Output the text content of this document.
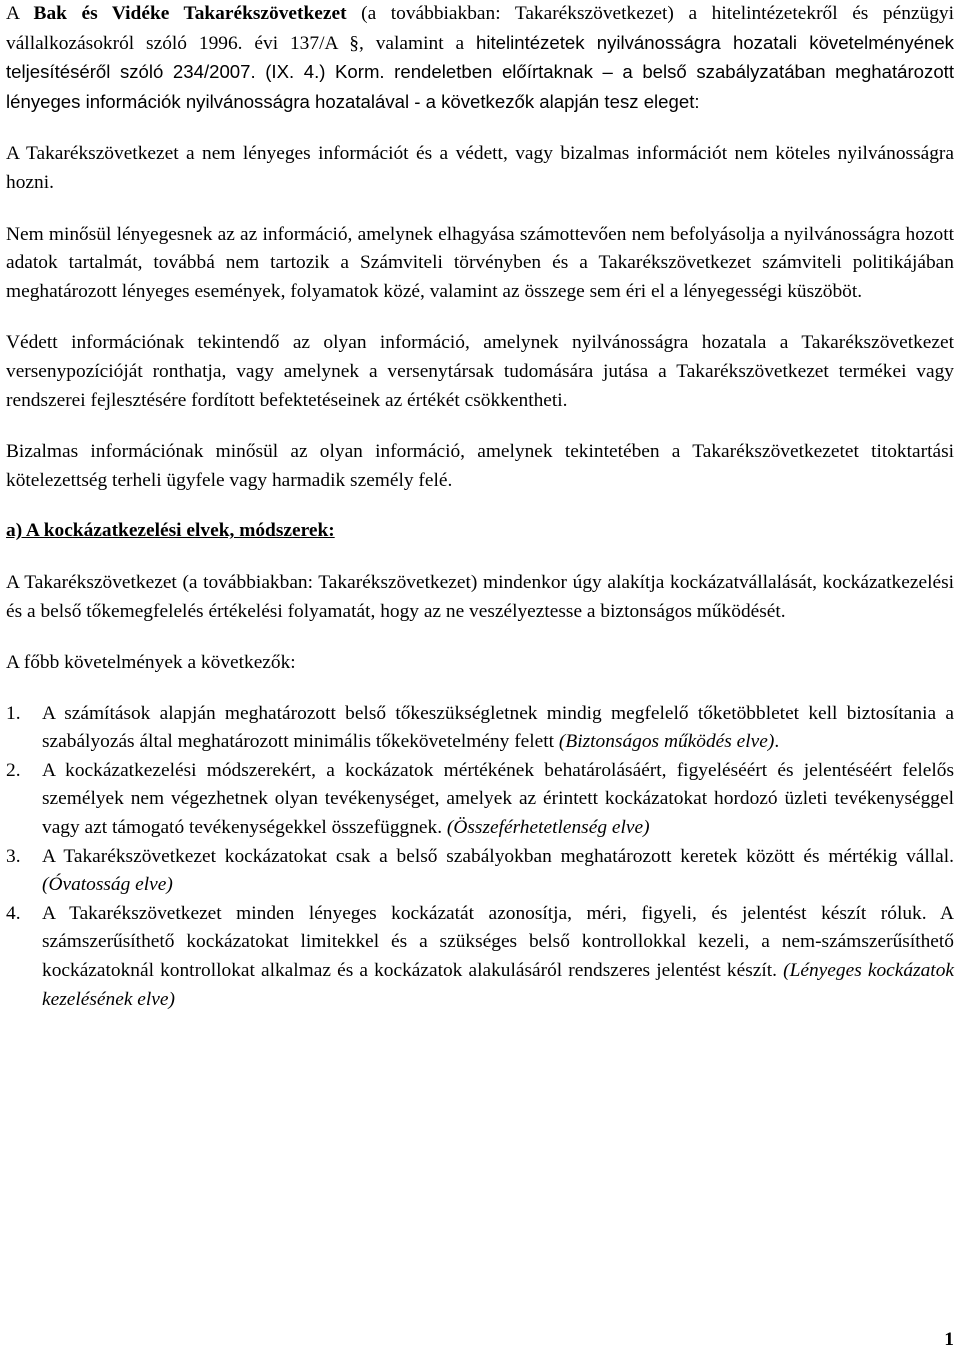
A Bak és Vidéke Takarékszövetkezet (a továbbiakban: Takarékszövetkezet) a hitelintézetekről és pénzügyi vállalkozásokról szóló 1996. évi 137/A §, valamint a hitelintézetek nyilvánosságra hozatali követelményének teljesítéséről szóló 234/2007. (IX. 4.) Korm. rendeletben előírtaknak – a belső szabályzatában meghatározott lényeges információk nyilvánosságra hozatalával - a következők alapján tesz eleget:

A Takarékszövetkezet a nem lényeges információt és a védett, vagy bizalmas információt nem köteles nyilvánosságra hozni.

Nem minősül lényegesnek az az információ, amelynek elhagyása számottevően nem befolyásolja a nyilvánosságra hozott adatok tartalmát, továbbá nem tartozik a Számviteli törvényben és a Takarékszövetkezet számviteli politikájában meghatározott lényeges események, folyamatok közé, valamint az összege sem éri el a lényegességi küszöböt.

Védett információnak tekintendő az olyan információ, amelynek nyilvánosságra hozatala a Takarékszövetkezet versenypozícióját ronthatja, vagy amelynek a versenytársak tudomására jutása a Takarékszövetkezet termékei vagy rendszerei fejlesztésére fordított befektetéseinek az értékét csökkentheti.

Bizalmas információnak minősül az olyan információ, amelynek tekintetében a Takarékszövetkezetet titoktartási kötelezettség terheli ügyfele vagy harmadik személy felé.

a) A kockázatkezelési elvek, módszerek:

A Takarékszövetkezet (a továbbiakban: Takarékszövetkezet) mindenkor úgy alakítja kockázatvállalását, kockázatkezelési és a belső tőkemegfelelés értékelési folyamatát, hogy az ne veszélyeztesse a biztonságos működését.

A főbb követelmények a következők:

1.	A számítások alapján meghatározott belső tőkeszükségletnek mindig megfelelő tőketöbbletet kell biztosítania a szabályozás által meghatározott minimális tőkekövetelmény felett (Biztonságos működés elve).
2.	A kockázatkezelési módszerekért, a kockázatok mértékének behatárolásáért, figyeléséért és jelentéséért felelős személyek nem végezhetnek olyan tevékenységet, amelyek az érintett kockázatokat hordozó üzleti tevékenységgel vagy azt támogató tevékenységekkel összefüggnek. (Összeférhetetlenség elve)
3.	A Takarékszövetkezet kockázatokat csak a belső szabályokban meghatározott keretek között és mértékig vállal. (Óvatosság elve)
4.	A Takarékszövetkezet minden lényeges kockázatát azonosítja, méri, figyeli, és jelentést készít róluk. A számszerűsíthető kockázatokat limitekkel és a szükséges belső kontrollokkal kezeli, a nem-számszerűsíthető kockázatoknál kontrollokat alkalmaz és a kockázatok alakulásáról rendszeres jelentést készít. (Lényeges kockázatok kezelésének elve)
1
